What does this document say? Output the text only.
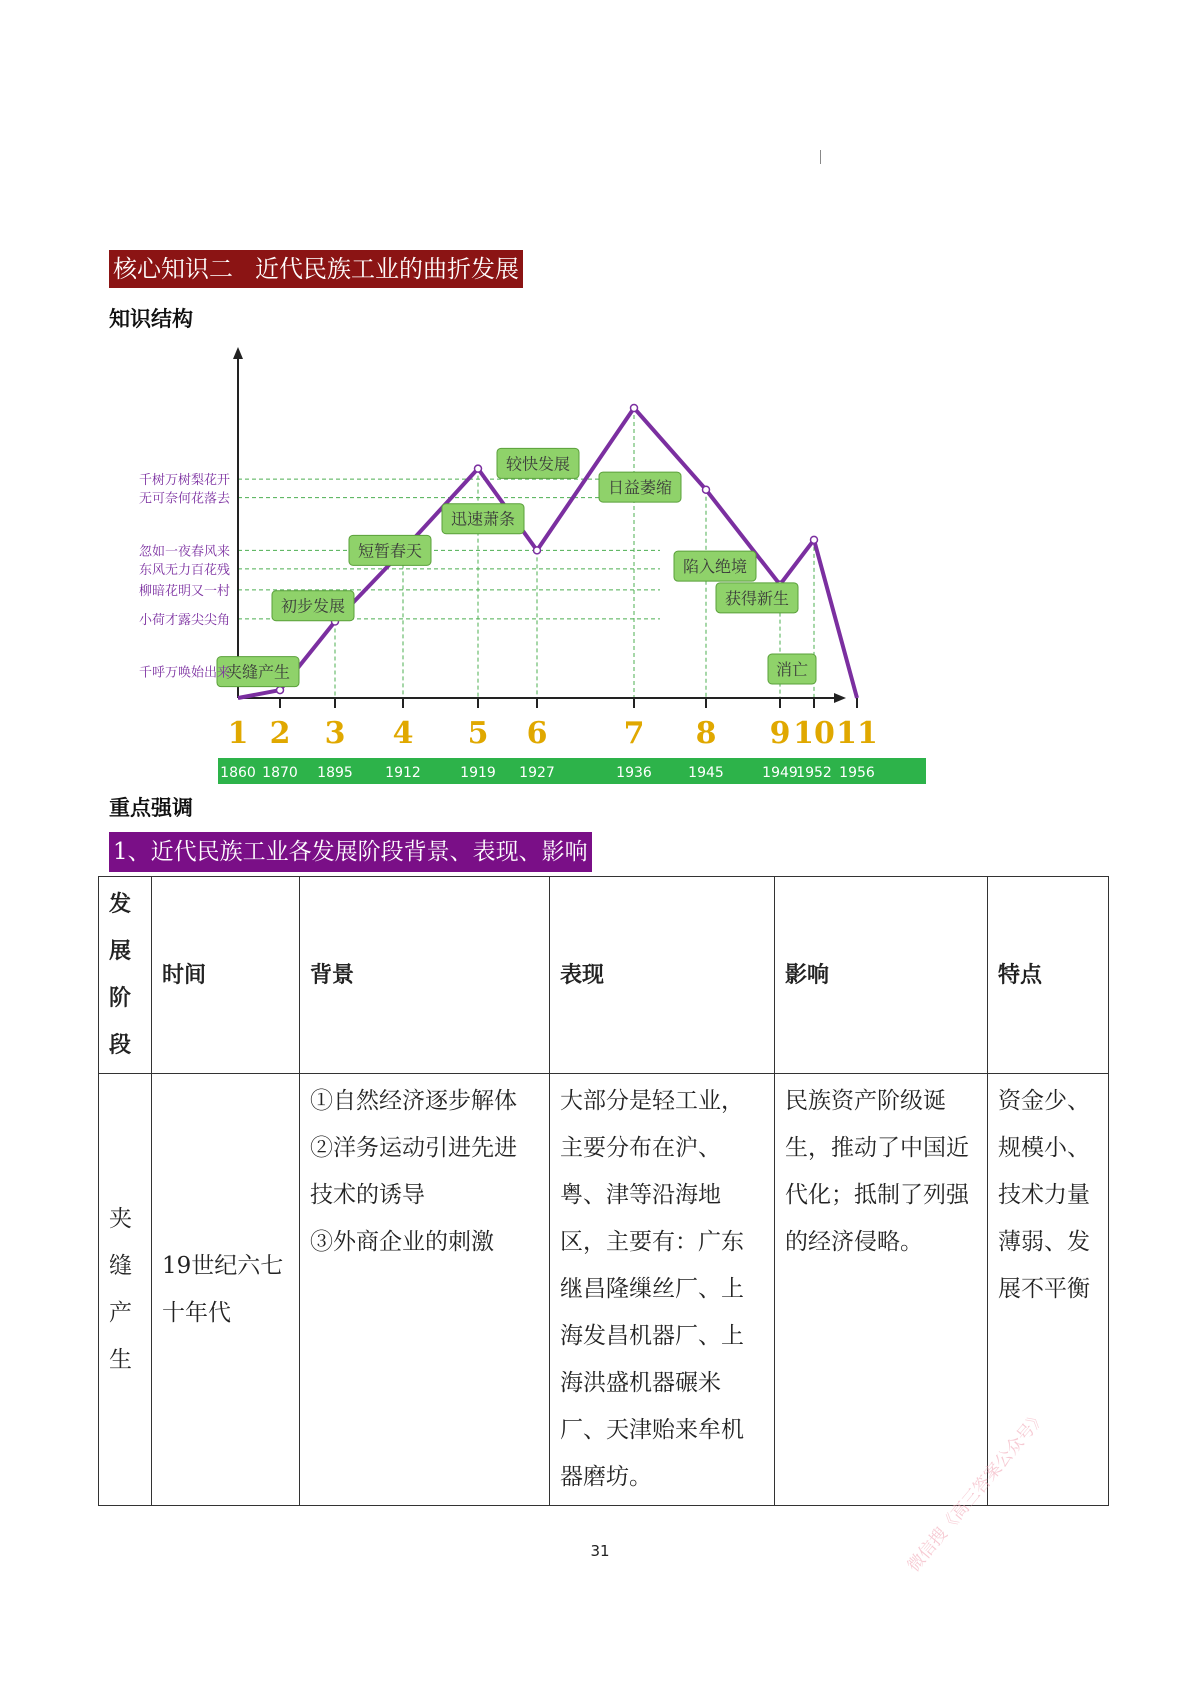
核心知识二 近代民族工业的曲折发展
知识结构
夹缝产生
初步发展
短暂春天
迅速萧条
较快发展
日益萎缩
陷入绝境
获得新生
消亡
千树万树梨花开
无可奈何花落去
忽如一夜春风来
东风无力百花残
柳暗花明又一村
小荷才露尖尖角
千呼万唤始出来
1 2 3 4 5 6	7 8 9 10 11
1860 1870 1895 1912	1919 1927	1936	1945	1949
1952 1956
重点强调
1、近代民族工业各发展阶段背景、表现、影响
发展阶段	时间	背景	表现	影响	特点
夹缝产生	19世纪六七十年代	①自然经济逐步解体
②洋务运动引进先进技术的诱导
③外商企业的刺激	大部分是轻工业，主要分布在沪、粤、津等沿海地区，主要有：广东继昌隆缫丝厂、上海发昌机器厂、上海洪盛机器碾米厂、天津贻来牟机器磨坊。	民族资产阶级诞生，推动了中国近代化；抵制了列强的经济侵略。	资金少、规模小、技术力量薄弱、发展不平衡
31	微信搜《高三答案公众号》
